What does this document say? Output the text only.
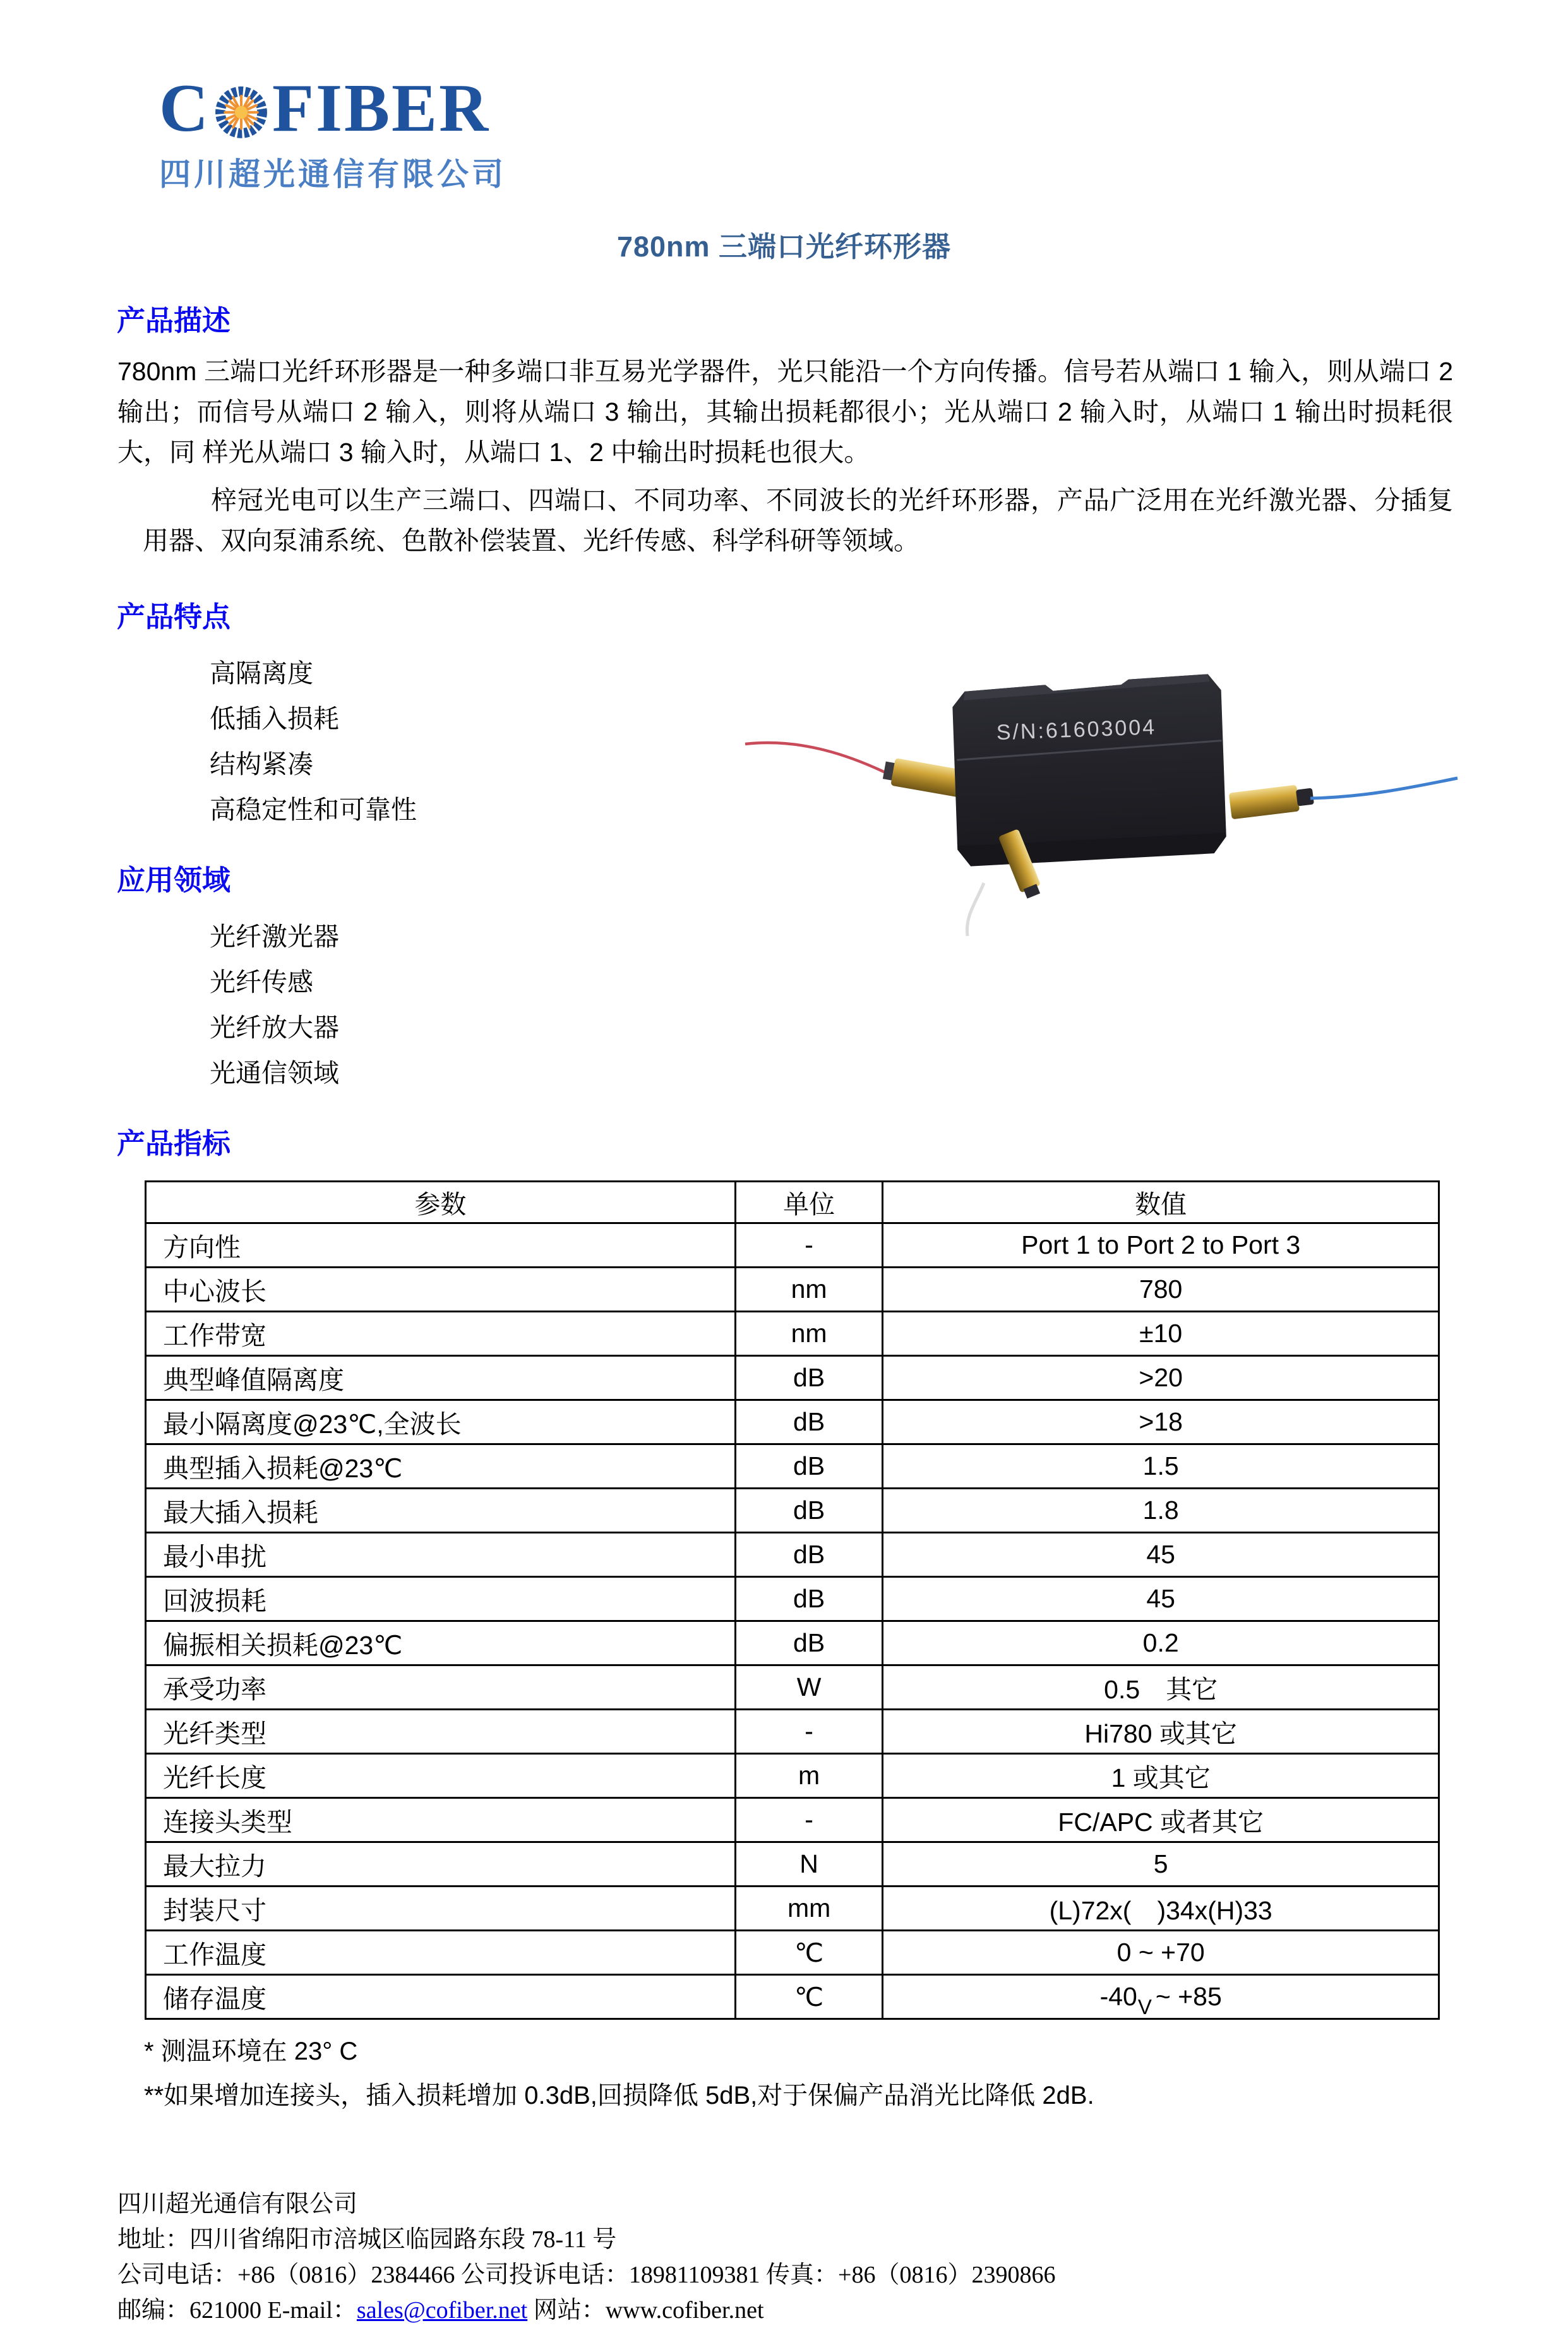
C FIBER
四川超光通信有限公司
780nm 三端口光纤环形器
产品描述
780nm 三端口光纤环形器是一种多端口非互易光学器件，光只能沿一个方向传播。信号若从端口 1 输入，则从端口 2 输出；而信号从端口 2 输入，则将从端口 3 输出，其输出损耗都很小；光从端口 2 输入时，从端口 1 输出时损耗很大，同 样光从端口 3 输入时，从端口 1、2 中输出时损耗也很大。
梓冠光电可以生产三端口、四端口、不同功率、不同波长的光纤环形器，产品广泛用在光纤激光器、分插复用器、双向泵浦系统、色散补偿装置、光纤传感、科学科研等领域。
产品特点
高隔离度
低插入损耗
结构紧凑
高稳定性和可靠性
应用领域
光纤激光器
光纤传感
光纤放大器
光通信领域
S/N:61603004
产品指标
参数	单位	数值
方向性	-	Port 1 to Port 2 to Port 3
中心波长	nm	780
工作带宽	nm	±10
典型峰值隔离度	dB	>20
最小隔离度@23℃,全波长	dB	>18
典型插入损耗@23℃	dB	1.5
最大插入损耗	dB	1.8
最小串扰	dB	45
回波损耗	dB	45
偏振相关损耗@23℃	dB	0.2
承受功率	W	0.5　其它
光纤类型	-	Hi780 或其它
光纤长度	m	1 或其它
连接头类型	-	FC/APC 或者其它
最大拉力	N	5
封装尺寸	mm	(L)72x(　)34x(H)33
工作温度	℃	0 ~ +70
储存温度	℃	-40V ~ +85
* 测温环境在 23° C
**如果增加连接头，插入损耗增加 0.3dB,回损降低 5dB,对于保偏产品消光比降低 2dB.
四川超光通信有限公司
地址：四川省绵阳市涪城区临园路东段 78-11 号
公司电话：+86（0816）2384466 公司投诉电话：18981109381 传真：+86（0816）2390866
邮编：621000 E-mail：sales@cofiber.net 网站：www.cofiber.net
